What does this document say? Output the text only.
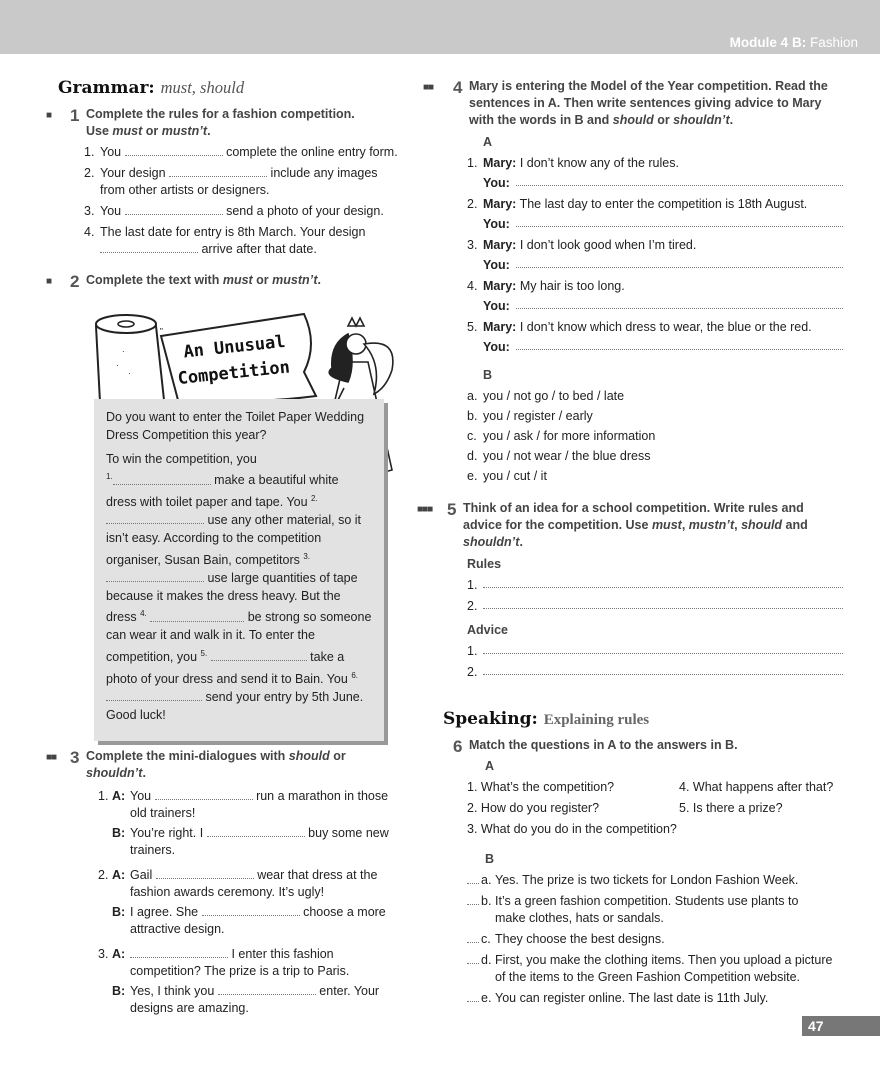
Module 4 B: Fashion
Grammar: must, should
■	1 Complete the rules for a fashion competition.
Use must or mustn’t.
1. You	complete the online entry form.
2. Your design	include any images from other artists or designers.
3. You	send a photo of your design.
4. The last date for entry is 8th March. Your design
arrive after that date.
■	2 Complete the text with must or mustn’t.
·
·
·
"
An Unusual
Competition

Do you want to enter the Toilet Paper Wedding Dress Competition this year?

To win the competition, you
$^{1.}$	make a beautiful white dress with toilet paper and tape. You $^{2.}$ use any other material, so it isn’t easy. According to the competition organiser, Susan Bain, competitors $^{3.}$ use large quantities of tape because it makes the dress heavy. But the dress $^{4.}$	be strong so someone can wear it and walk in it. To enter the competition, you $^{5.}$	take a photo of your dress and send it to Bain. You $^{6.}$  send your entry by 5th June. Good luck!

■■ 3 Complete the mini-dialogues with should or shouldn’t.
1. A: You	run a marathon in those old trainers!
B: You’re right. I	buy some new trainers.
2. A: Gail	wear that dress at the fashion awards ceremony. It’s ugly!
B: I agree. She	choose a more attractive design.
3. A:	I enter this fashion competition? The prize is a trip to Paris.
B: Yes, I think you	enter. Your designs are amazing.
■■	4 Mary is entering the Model of the Year competition. Read the sentences in A. Then write sentences giving advice to Mary with the words in B and should or shouldn’t.
A
1. Mary: I don’t know any of the rules.
You:
2. Mary: The last day to enter the competition is 18th August.
You:
3. Mary: I don’t look good when I’m tired.
You:
4. Mary: My hair is too long.
You:
5. Mary: I don’t know which dress to wear, the blue or the red.
You:
B
a. you / not go / to bed / late
b. you / register / early
c. you / ask / for more information
d. you / not wear / the blue dress
e. you / cut / it
■■■ 5 Think of an idea for a school competition. Write rules and advice for the competition. Use must, mustn’t, should and shouldn’t.
Rules
1.
2.
Advice
1.
2.
Speaking: Explaining rules
6 Match the questions in A to the answers in B.
A
1. What’s the competition?	4. What happens after that?
2. How do you register?	5. Is there a prize?
3. What do you do in the competition?
B
a. Yes. The prize is two tickets for London Fashion Week.
b. It’s a green fashion competition. Students use plants to make clothes, hats or sandals.
c. They choose the best designs.
d. First, you make the clothing items. Then you upload a picture of the items to the Green Fashion Competition website.
e. You can register online. The last date is 11th July.
47
